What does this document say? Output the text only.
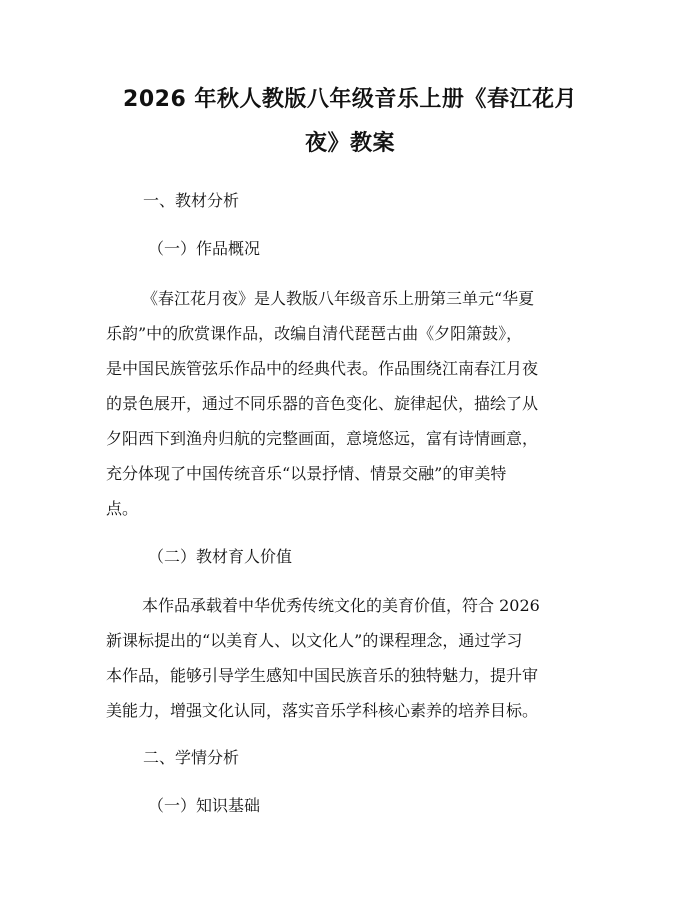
2026 年秋人教版八年级音乐上册《春江花月
夜》教案
一、教材分析
（一）作品概况
《春江花月夜》是人教版八年级音乐上册第三单元“华夏
乐韵”中的欣赏课作品，改编自清代琵琶古曲《夕阳箫鼓》，
是中国民族管弦乐作品中的经典代表。作品围绕江南春江月夜
的景色展开，通过不同乐器的音色变化、旋律起伏，描绘了从
夕阳西下到渔舟归航的完整画面，意境悠远，富有诗情画意，
充分体现了中国传统音乐“以景抒情、情景交融”的审美特
点。
（二）教材育人价值
本作品承载着中华优秀传统文化的美育价值，符合 2026
新课标提出的“以美育人、以文化人”的课程理念，通过学习
本作品，能够引导学生感知中国民族音乐的独特魅力，提升审
美能力，增强文化认同，落实音乐学科核心素养的培养目标。
二、学情分析
（一）知识基础
